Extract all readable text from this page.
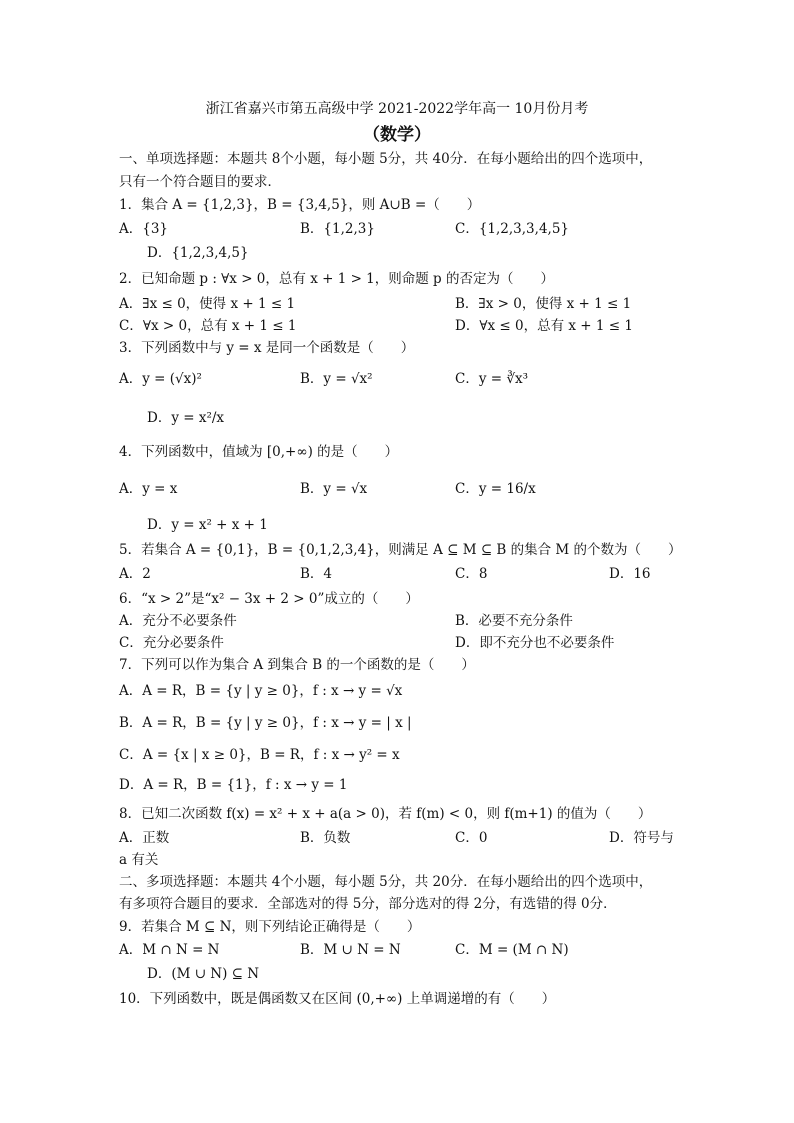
浙江省嘉兴市第五高级中学 2021-2022学年高一 10月份月考
（数学）
一、单项选择题：本题共 8个小题，每小题 5分，共 40分．在每小题给出的四个选项中，
只有一个符合题目的要求．
1．集合 A = {1,2,3}，B = {3,4,5}，则 A∪B =（　　）
A．{3}	B．{1,2,3}	C．{1,2,3,3,4,5}
D．{1,2,3,4,5}
2．已知命题 p : ∀x > 0，总有 x + 1 > 1，则命题 p 的否定为（　　）
A．∃x ≤ 0，使得 x + 1 ≤ 1	B．∃x > 0，使得 x + 1 ≤ 1
C．∀x > 0，总有 x + 1 ≤ 1	D．∀x ≤ 0，总有 x + 1 ≤ 1
3．下列函数中与 y = x 是同一个函数是（　　）
A．y = (√x)²	B．y = √x²	C．y = ∛x³
D．y = x²/x
4．下列函数中，值域为 [0,+∞) 的是（　　）
A．y = x	B．y = √x	C．y = 16/x
D．y = x² + x + 1
5．若集合 A = {0,1}，B = {0,1,2,3,4}，则满足 A ⊆ M ⊆ B 的集合 M 的个数为（　　）
A．2	B．4	C．8	D．16
6．“x > 2”是“x² − 3x + 2 > 0”成立的（　　）
A．充分不必要条件	B．必要不充分条件
C．充分必要条件	D．即不充分也不必要条件
7．下列可以作为集合 A 到集合 B 的一个函数的是（　　）
A．A = R，B = {y | y ≥ 0}，f : x → y = √x
B．A = R，B = {y | y ≥ 0}，f : x → y = | x |
C．A = {x | x ≥ 0}，B = R，f : x → y² = x
D．A = R，B = {1}，f : x → y = 1
8．已知二次函数 f(x) = x² + x + a(a > 0)，若 f(m) < 0，则 f(m+1) 的值为（　　）
A．正数	B．负数	C．0	D．符号与
a 有关
二、多项选择题：本题共 4个小题，每小题 5分，共 20分．在每小题给出的四个选项中，
有多项符合题目的要求．全部选对的得 5分，部分选对的得 2分，有选错的得 0分．
9．若集合 M ⊆ N，则下列结论正确得是（　　）
A．M ∩ N = N	B．M ∪ N = N	C．M = (M ∩ N)
D．(M ∪ N) ⊆ N
10．下列函数中，既是偶函数又在区间 (0,+∞) 上单调递增的有（　　）
